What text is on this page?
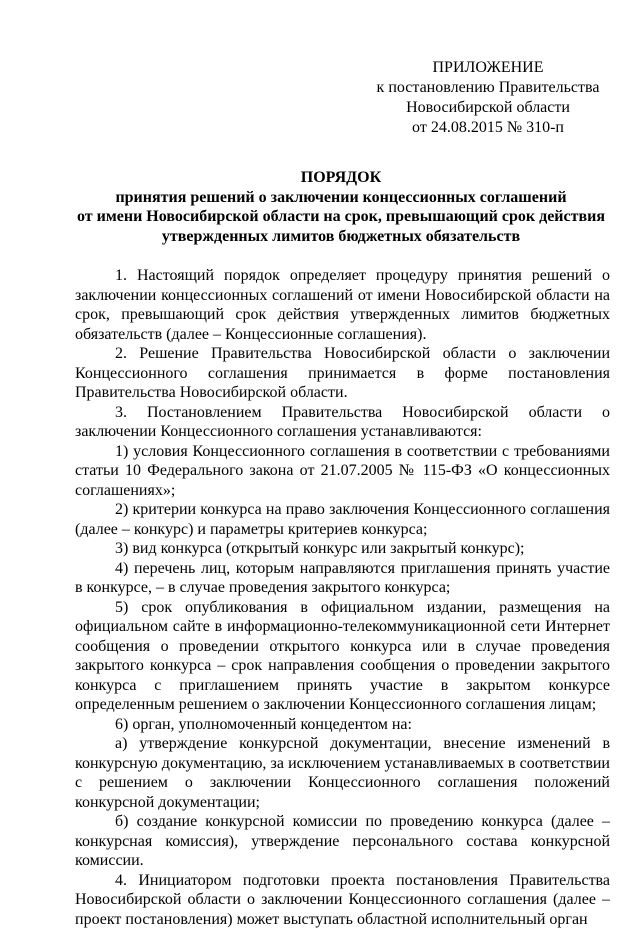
ПРИЛОЖЕНИЕ
к постановлению Правительства
Новосибирской области
от 24.08.2015 № 310-п
ПОРЯДОК
принятия решений о заключении концессионных соглашений
от имени Новосибирской области на срок, превышающий срок действия
утвержденных лимитов бюджетных обязательств

1. Настоящий порядок определяет процедуру принятия решений о заключении концессионных соглашений от имени Новосибирской области на срок, превышающий срок действия утвержденных лимитов бюджетных обязательств (далее – Концессионные соглашения).

2. Решение Правительства Новосибирской области о заключении Концессионного соглашения принимается в форме постановления Правительства Новосибирской области.

3. Постановлением Правительства Новосибирской области о заключении Концессионного соглашения устанавливаются:

1) условия Концессионного соглашения в соответствии с требованиями статьи 10 Федерального закона от 21.07.2005 № 115-ФЗ «О концессионных соглашениях»;

2) критерии конкурса на право заключения Концессионного соглашения (далее – конкурс) и параметры критериев конкурса;

3) вид конкурса (открытый конкурс или закрытый конкурс);

4) перечень лиц, которым направляются приглашения принять участие в конкурсе, – в случае проведения закрытого конкурса;

5) срок опубликования в официальном издании, размещения на официальном сайте в информационно-телекоммуникационной сети Интернет сообщения о проведении открытого конкурса или в случае проведения закрытого конкурса – срок направления сообщения о проведении закрытого конкурса с приглашением принять участие в закрытом конкурсе определенным решением о заключении Концессионного соглашения лицам;

6) орган, уполномоченный концедентом на:

а) утверждение конкурсной документации, внесение изменений в конкурсную документацию, за исключением устанавливаемых в соответствии с решением о заключении Концессионного соглашения положений конкурсной документации;

б) создание конкурсной комиссии по проведению конкурса (далее – конкурсная комиссия), утверждение персонального состава конкурсной комиссии.

4. Инициатором подготовки проекта постановления Правительства Новосибирской области о заключении Концессионного соглашения (далее – проект постановления) может выступать областной исполнительный орган
